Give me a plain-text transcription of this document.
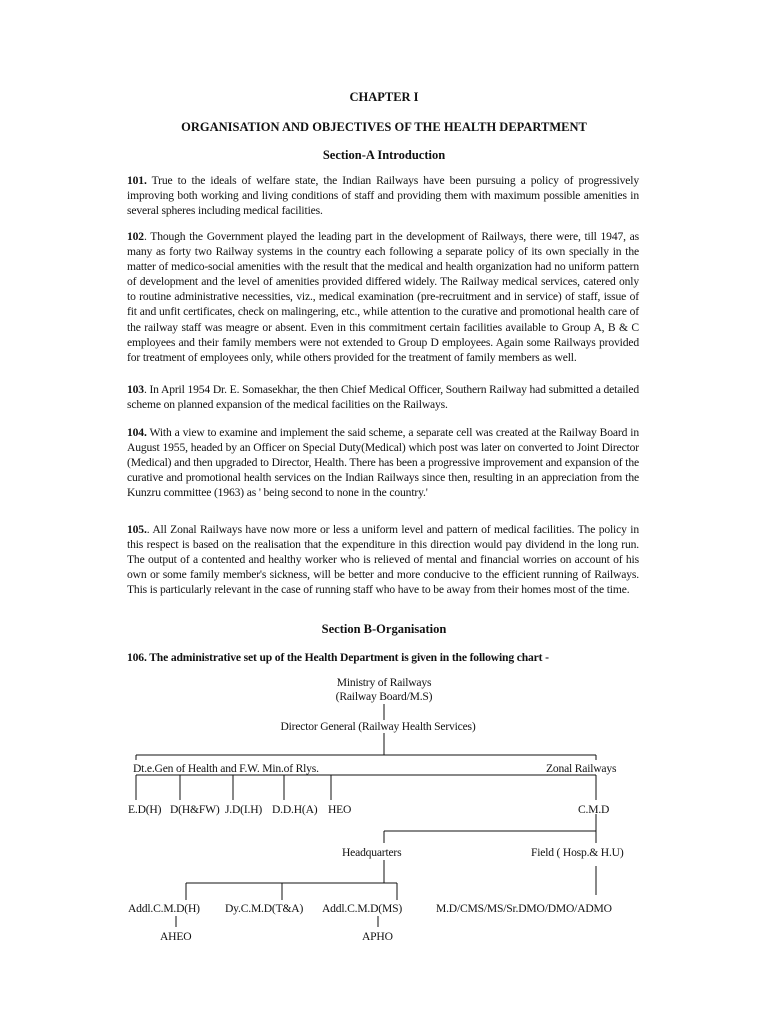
CHAPTER I
ORGANISATION AND OBJECTIVES OF THE HEALTH DEPARTMENT
Section-A Introduction

101. True to the ideals of welfare state, the Indian Railways have been pursuing a policy of progressively improving both working and living conditions of staff and providing them with maximum possible amenities in several spheres including medical facilities.

102. Though the Government played the leading part in the development of Railways, there were, till 1947, as many as forty two Railway systems in the country each following a separate policy of its own specially in the matter of medico-social amenities with the result that the medical and health organization had no uniform pattern of development and the level of amenities provided differed widely. The Railway medical services, catered only to routine administrative necessities, viz., medical examination (pre-recruitment and in service) of staff, issue of fit and unfit certificates, check on malingering, etc., while attention to the curative and promotional health care of the railway staff was meagre or absent. Even in this commitment certain facilities available to Group A, B & C employees and their family members were not extended to Group D employees. Again some Railways provided for treatment of employees only, while others provided for the treatment of family members as well.

103. In April 1954 Dr. E. Somasekhar, the then Chief Medical Officer, Southern Railway had submitted a detailed scheme on planned expansion of the medical facilities on the Railways.

104. With a view to examine and implement the said scheme, a separate cell was created at the Railway Board in August 1955, headed by an Officer on Special Duty(Medical) which post was later on converted to Joint Director (Medical) and then upgraded to Director, Health. There has been a progressive improvement and expansion of the curative and promotional health services on the Indian Railways since then, resulting in an appreciation from the Kunzru committee (1963) as ' being second to none in the country.'

105.. All Zonal Railways have now more or less a uniform level and pattern of medical facilities. The policy in this respect is based on the realisation that the expenditure in this direction would pay dividend in the long run. The output of a contented and healthy worker who is relieved of mental and financial worries on account of his own or some family member's sickness, will be better and more conducive to the efficient running of Railways. This is particularly relevant in the case of running staff who have to be away from their homes most of the time.

Section B-Organisation

106. The administrative set up of the Health Department is given in the following chart -

Ministry of Railways
(Railway Board/M.S)
Director General (Railway Health Services)
Dt.e.Gen of Health and F.W. Min.of Rlys.	Zonal Railways
E.D(H) D(H&FW) J.D(I.H) D.D.H(A) HEO	C.M.D
Headquarters	Field ( Hosp.& H.U)
Addl.C.M.D(H) Dy.C.M.D(T&A) Addl.C.M.D(MS)	M.D/CMS/MS/Sr.DMO/DMO/ADMO
AHEO	APHO
